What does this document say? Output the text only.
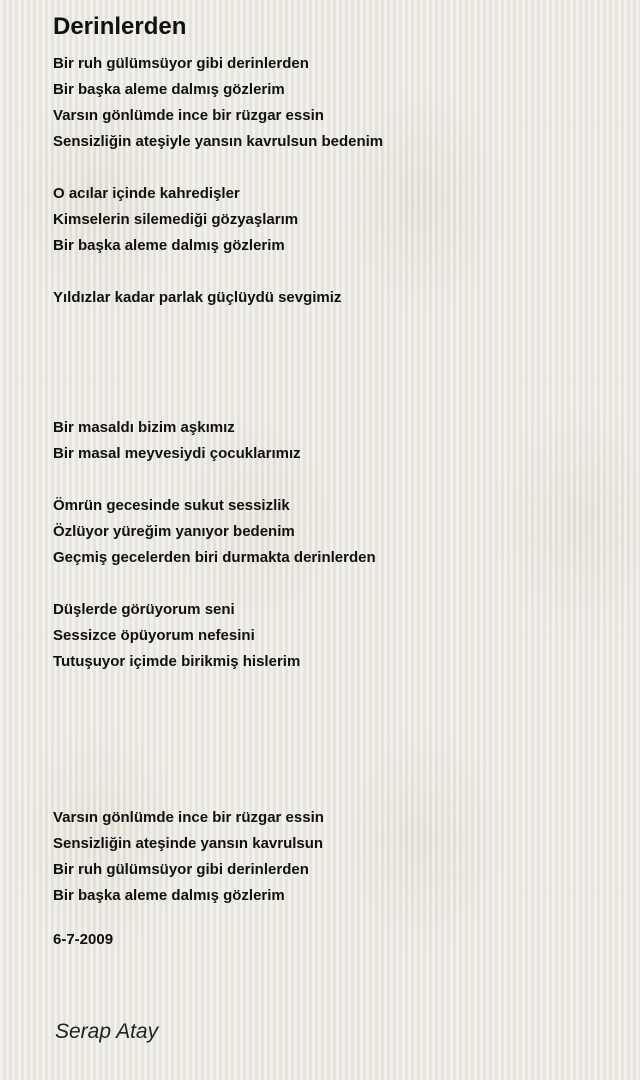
Derinlerden
Bir ruh gülümsüyor gibi derinlerden
Bir başka aleme dalmış gözlerim
Varsın gönlümde ince bir rüzgar essin
Sensizliğin ateşiyle yansın kavrulsun bedenim
O acılar içinde kahredişler
Kimselerin silemediği gözyaşlarım
Bir başka aleme dalmış gözlerim
Yıldızlar kadar parlak güçlüydü sevgimiz
Bir masaldı bizim aşkımız
Bir masal meyvesiydi çocuklarımız
Ömrün gecesinde sukut sessizlik
Özlüyor yüreğim yanıyor bedenim
Geçmiş gecelerden biri durmakta derinlerden
Düşlerde görüyorum seni
Sessizce öpüyorum nefesini
Tutuşuyor içimde birikmiş hislerim
Varsın gönlümde ince bir rüzgar essin
Sensizliğin ateşinde yansın kavrulsun
Bir ruh gülümsüyor gibi derinlerden
Bir başka aleme dalmış gözlerim
6-7-2009
Serap Atay
